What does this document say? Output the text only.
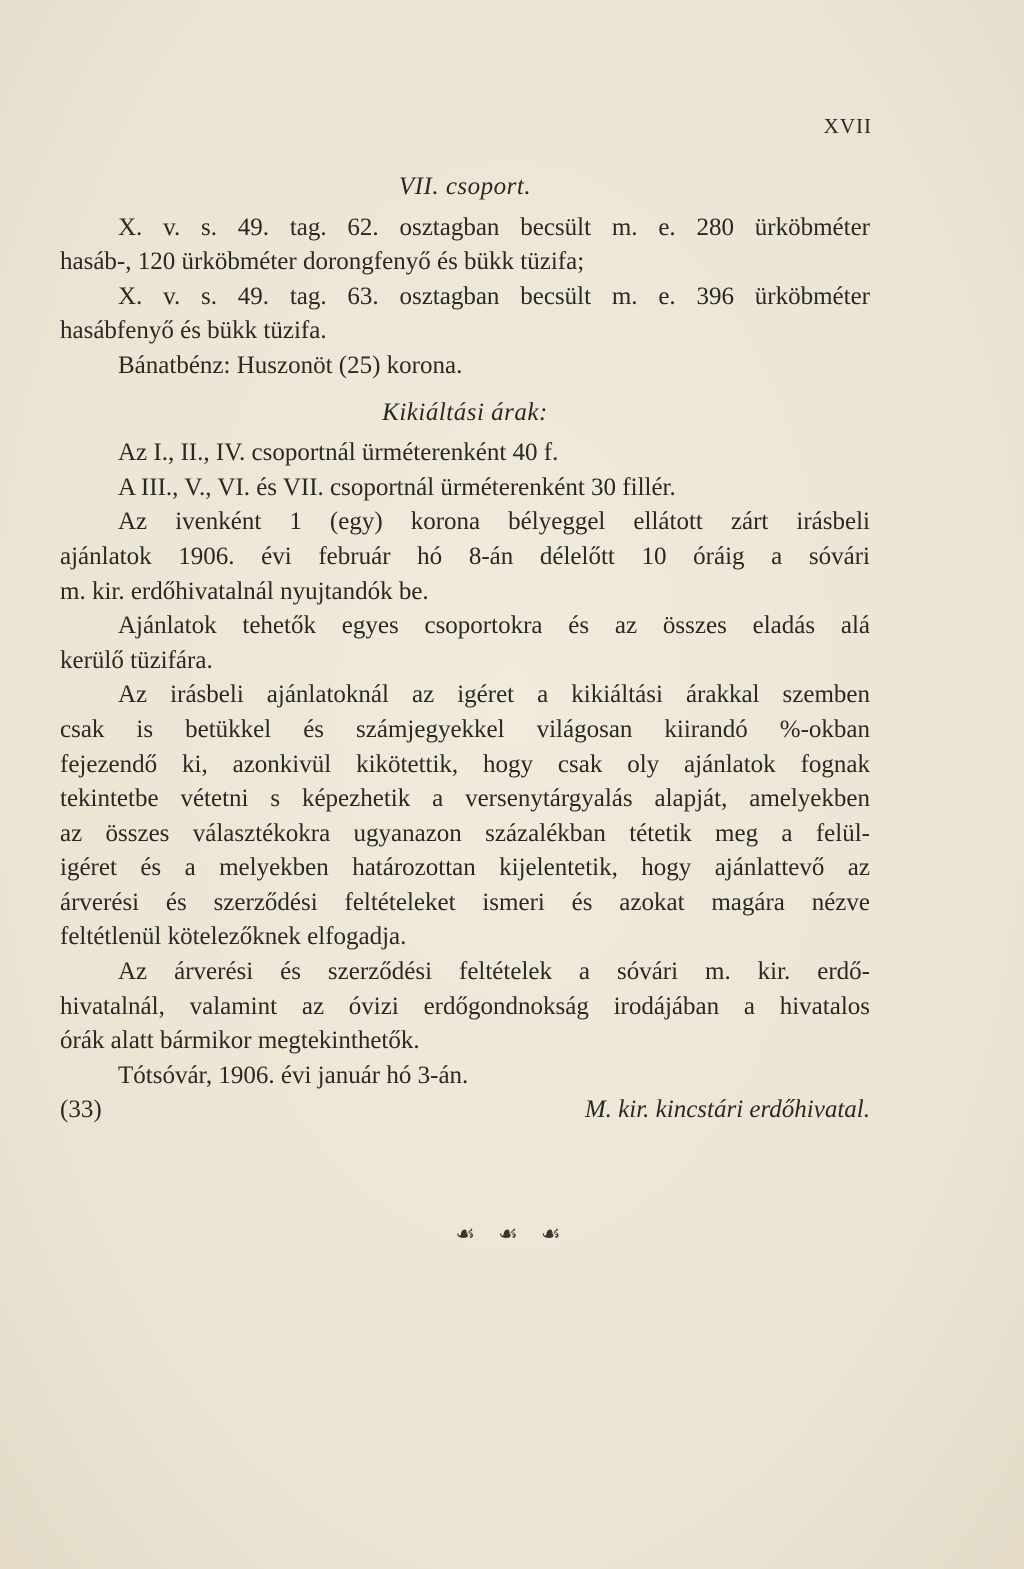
XVII
VII. csoport.
X. v. s. 49. tag. 62. osztagban becsült m. e. 280 ürköbméter
hasáb-, 120 ürköbméter dorongfenyő és bükk tüzifa;
X. v. s. 49. tag. 63. osztagban becsült m. e. 396 ürköbméter
hasábfenyő és bükk tüzifa.
Bánatbénz: Huszonöt (25) korona.
Kikiáltási árak:
Az I., II., IV. csoportnál ürméterenként 40 f.
A III., V., VI. és VII. csoportnál ürméterenként 30 fillér.
Az ivenként 1 (egy) korona bélyeggel ellátott zárt irásbeli
ajánlatok 1906. évi február hó 8-án délelőtt 10 óráig a sóvári
m. kir. erdőhivatalnál nyujtandók be.
Ajánlatok tehetők egyes csoportokra és az összes eladás alá
kerülő tüzifára.
Az irásbeli ajánlatoknál az igéret a kikiáltási árakkal szemben
csak is betükkel és számjegyekkel világosan kiirandó %-okban
fejezendő ki, azonkivül kikötettik, hogy csak oly ajánlatok fognak
tekintetbe vétetni s képezhetik a versenytárgyalás alapját, amelyekben
az összes választékokra ugyanazon százalékban tétetik meg a felül-
igéret és a melyekben határozottan kijelentetik, hogy ajánlattevő az
árverési és szerződési feltételeket ismeri és azokat magára nézve
feltétlenül kötelezőknek elfogadja.
Az árverési és szerződési feltételek a sóvári m. kir. erdő-
hivatalnál, valamint az óvizi erdőgondnokság irodájában a hivatalos
órák alatt bármikor megtekinthetők.
Tótsóvár, 1906. évi január hó 3-án.
(33)	M. kir. kincstári erdőhivatal.
☙ ☙ ☙
